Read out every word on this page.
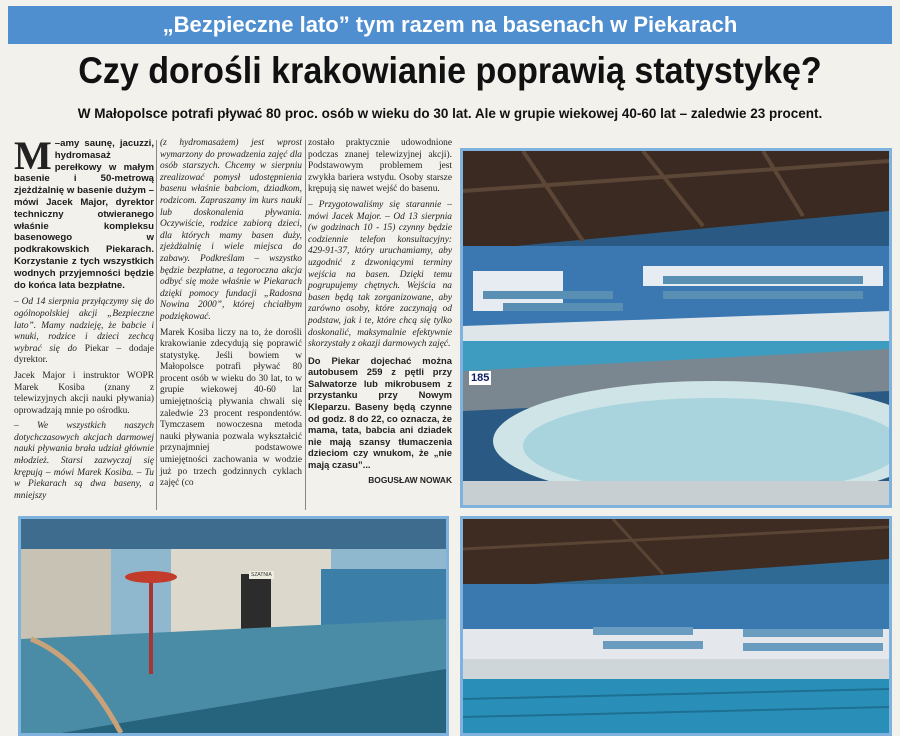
„Bezpieczne lato” tym razem na basenach w Piekarach
Czy dorośli krakowianie poprawią statystykę?
W Małopolsce potrafi pływać 80 proc. osób w wieku do 30 lat. Ale w grupie wiekowej 40-60 lat – zaledwie 23 procent.
–
M amy saunę, jacuzzi, hydromasaż perełkowy w małym basenie i 50-metrową zjeżdżalnię w basenie dużym – mówi Jacek Major, dyrektor techniczny otwieranego właśnie kompleksu basenowego w podkrakowskich Piekarach. Korzystanie z tych wszystkich wodnych przyjemności będzie do końca lata bezpłatne.

– Od 14 sierpnia przyłączymy się do ogólnopolskiej akcji „Bezpieczne lato”. Mamy nadzieję, że babcie i wnuki, rodzice i dzieci zechcą wybrać się do Piekar – dodaje dyrektor.

Jacek Major i instruktor WOPR Marek Kosiba (znany z telewizyjnych akcji nauki pływania) oprowadzają mnie po ośrodku.

– We wszystkich naszych dotychczasowych akcjach darmowej nauki pływania brała udział głównie młodzież. Starsi zazwyczaj się krępują – mówi Marek Kosiba. – Tu w Piekarach są dwa baseny, a mniejszy

(z hydromasażem) jest wprost wymarzony do prowadzenia zajęć dla osób starszych. Chcemy w sierpniu zrealizować pomysł udostępnienia basenu właśnie babciom, dziadkom, rodzicom. Zapraszamy im kurs nauki lub doskonalenia pływania. Oczywiście, rodzice zabiorą dzieci, dla których mamy basen duży, zjeżdżalnię i wiele miejsca do zabawy. Podkreślam – wszystko będzie bezpłatne, a tegoroczna akcja odbyć się może właśnie w Piekarach dzięki pomocy fundacji „Radosna Nowina 2000”, której chciałbym podziękować.

Marek Kosiba liczy na to, że dorośli krakowianie zdecydują się poprawić statystykę. Jeśli bowiem w Małopolsce potrafi pływać 80 procent osób w wieku do 30 lat, to w grupie wiekowej 40-60 lat umiejętnością pływania chwali się zaledwie 23 procent respondentów. Tymczasem nowoczesna metoda nauki pływania pozwala wykształcić przynajmniej podstawowe umiejętności zachowania w wodzie już po trzech godzinnych cyklach zajęć (co

zostało praktycznie udowodnione podczas znanej telewizyjnej akcji). Podstawowym problemem jest zwykła bariera wstydu. Osoby starsze krępują się nawet wejść do basenu.

– Przygotowaliśmy się starannie – mówi Jacek Major. – Od 13 sierpnia (w godzinach 10 - 15) czynny będzie codziennie telefon konsultacyjny: 429-91-37, który uruchamiamy, aby uzgodnić z dzwoniącymi terminy wejścia na basen. Dzięki temu pogrupujemy chętnych. Wejścia na basen będą tak zorganizowane, aby zarówno osoby, które zaczynają od podstaw, jak i te, które chcą się tylko doskonalić, maksymalnie efektywnie skorzystały z okazji darmowych zajęć.

Do Piekar dojechać można autobusem 259 z pętli przy Salwatorze lub mikrobusem z przystanku przy Nowym Kleparzu. Baseny będą czynne od godz. 8 do 22, co oznacza, że mama, tata, babcia ani dziadek nie mają szansy tłumaczenia dzieciom czy wnukom, że „nie mają czasu”...

BOGUSŁAW NOWAK
185
SZATNIA
